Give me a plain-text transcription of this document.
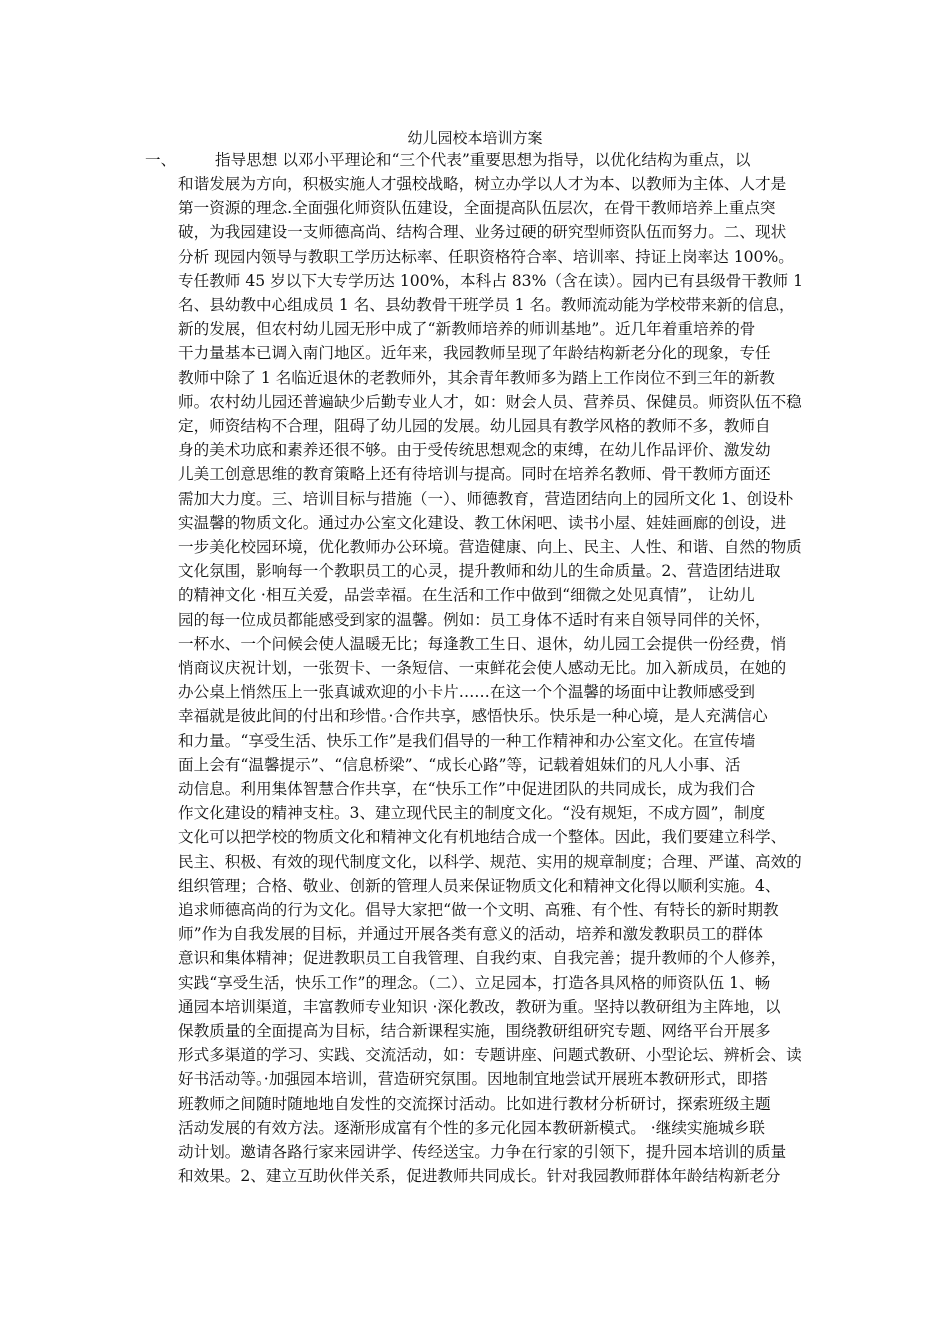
幼儿园校本培训方案
一、 指导思想 以邓小平理论和“三个代表”重要思想为指导，以优化结构为重点，以
和谐发展为方向，积极实施人才强校战略，树立办学以人才为本、以教师为主体、人才是
第一资源的理念.全面强化师资队伍建设，全面提高队伍层次，在骨干教师培养上重点突
破，为我园建设一支师德高尚、结构合理、业务过硬的研究型师资队伍而努力。二、现状
分析 现园内领导与教职工学历达标率、任职资格符合率、培训率、持证上岗率达 100%。
专任教师 45 岁以下大专学历达 100%，本科占 83%（含在读）。园内已有县级骨干教师 1
名、县幼教中心组成员 1 名、县幼教骨干班学员 1 名。教师流动能为学校带来新的信息，
新的发展，但农村幼儿园无形中成了“新教师培养的师训基地”。近几年着重培养的骨
干力量基本已调入南门地区。近年来，我园教师呈现了年龄结构新老分化的现象，专任
教师中除了 1 名临近退休的老教师外，其余青年教师多为踏上工作岗位不到三年的新教
师。农村幼儿园还普遍缺少后勤专业人才，如：财会人员、营养员、保健员。师资队伍不稳
定，师资结构不合理，阻碍了幼儿园的发展。幼儿园具有教学风格的教师不多，教师自
身的美术功底和素养还很不够。由于受传统思想观念的束缚，在幼儿作品评价、激发幼
儿美工创意思维的教育策略上还有待培训与提高。同时在培养名教师、骨干教师方面还
需加大力度。三、培训目标与措施（一）、师德教育，营造团结向上的园所文化 1、创设朴
实温馨的物质文化。通过办公室文化建设、教工休闲吧、读书小屋、娃娃画廊的创设，进
一步美化校园环境，优化教师办公环境。营造健康、向上、民主、人性、和谐、自然的物质
文化氛围，影响每一个教职员工的心灵，提升教师和幼儿的生命质量。2、营造团结进取
的精神文化 ·相互关爱，品尝幸福。在生活和工作中做到“细微之处见真情”， 让幼儿
园的每一位成员都能感受到家的温馨。例如：员工身体不适时有来自领导同伴的关怀，
一杯水、一个问候会使人温暖无比；每逢教工生日、退休，幼儿园工会提供一份经费，悄
悄商议庆祝计划，一张贺卡、一条短信、一束鲜花会使人感动无比。加入新成员，在她的
办公桌上悄然压上一张真诚欢迎的小卡片……在这一个个温馨的场面中让教师感受到
幸福就是彼此间的付出和珍惜。·合作共享，感悟快乐。快乐是一种心境，是人充满信心
和力量。“享受生活、快乐工作”是我们倡导的一种工作精神和办公室文化。在宣传墙
面上会有“温馨提示”、“信息桥梁”、“成长心路”等，记载着姐妹们的凡人小事、活
动信息。利用集体智慧合作共享，在“快乐工作”中促进团队的共同成长，成为我们合
作文化建设的精神支柱。3、建立现代民主的制度文化。“没有规矩，不成方圆”，制度
文化可以把学校的物质文化和精神文化有机地结合成一个整体。因此，我们要建立科学、
民主、积极、有效的现代制度文化，以科学、规范、实用的规章制度；合理、严谨、高效的
组织管理；合格、敬业、创新的管理人员来保证物质文化和精神文化得以顺利实施。4、
追求师德高尚的行为文化。倡导大家把“做一个文明、高雅、有个性、有特长的新时期教
师”作为自我发展的目标，并通过开展各类有意义的活动，培养和激发教职员工的群体
意识和集体精神；促进教职员工自我管理、自我约束、自我完善；提升教师的个人修养，
实践“享受生活，快乐工作”的理念。（二）、立足园本，打造各具风格的师资队伍 1、畅
通园本培训渠道，丰富教师专业知识 ·深化教改，教研为重。坚持以教研组为主阵地，以
保教质量的全面提高为目标，结合新课程实施，围绕教研组研究专题、网络平台开展多
形式多渠道的学习、实践、交流活动，如：专题讲座、问题式教研、小型论坛、辨析会、读
好书活动等。·加强园本培训，营造研究氛围。因地制宜地尝试开展班本教研形式，即搭
班教师之间随时随地地自发性的交流探讨活动。比如进行教材分析研讨，探索班级主题
活动发展的有效方法。逐渐形成富有个性的多元化园本教研新模式。 ·继续实施城乡联
动计划。邀请各路行家来园讲学、传经送宝。力争在行家的引领下，提升园本培训的质量
和效果。2、建立互助伙伴关系，促进教师共同成长。针对我园教师群体年龄结构新老分
